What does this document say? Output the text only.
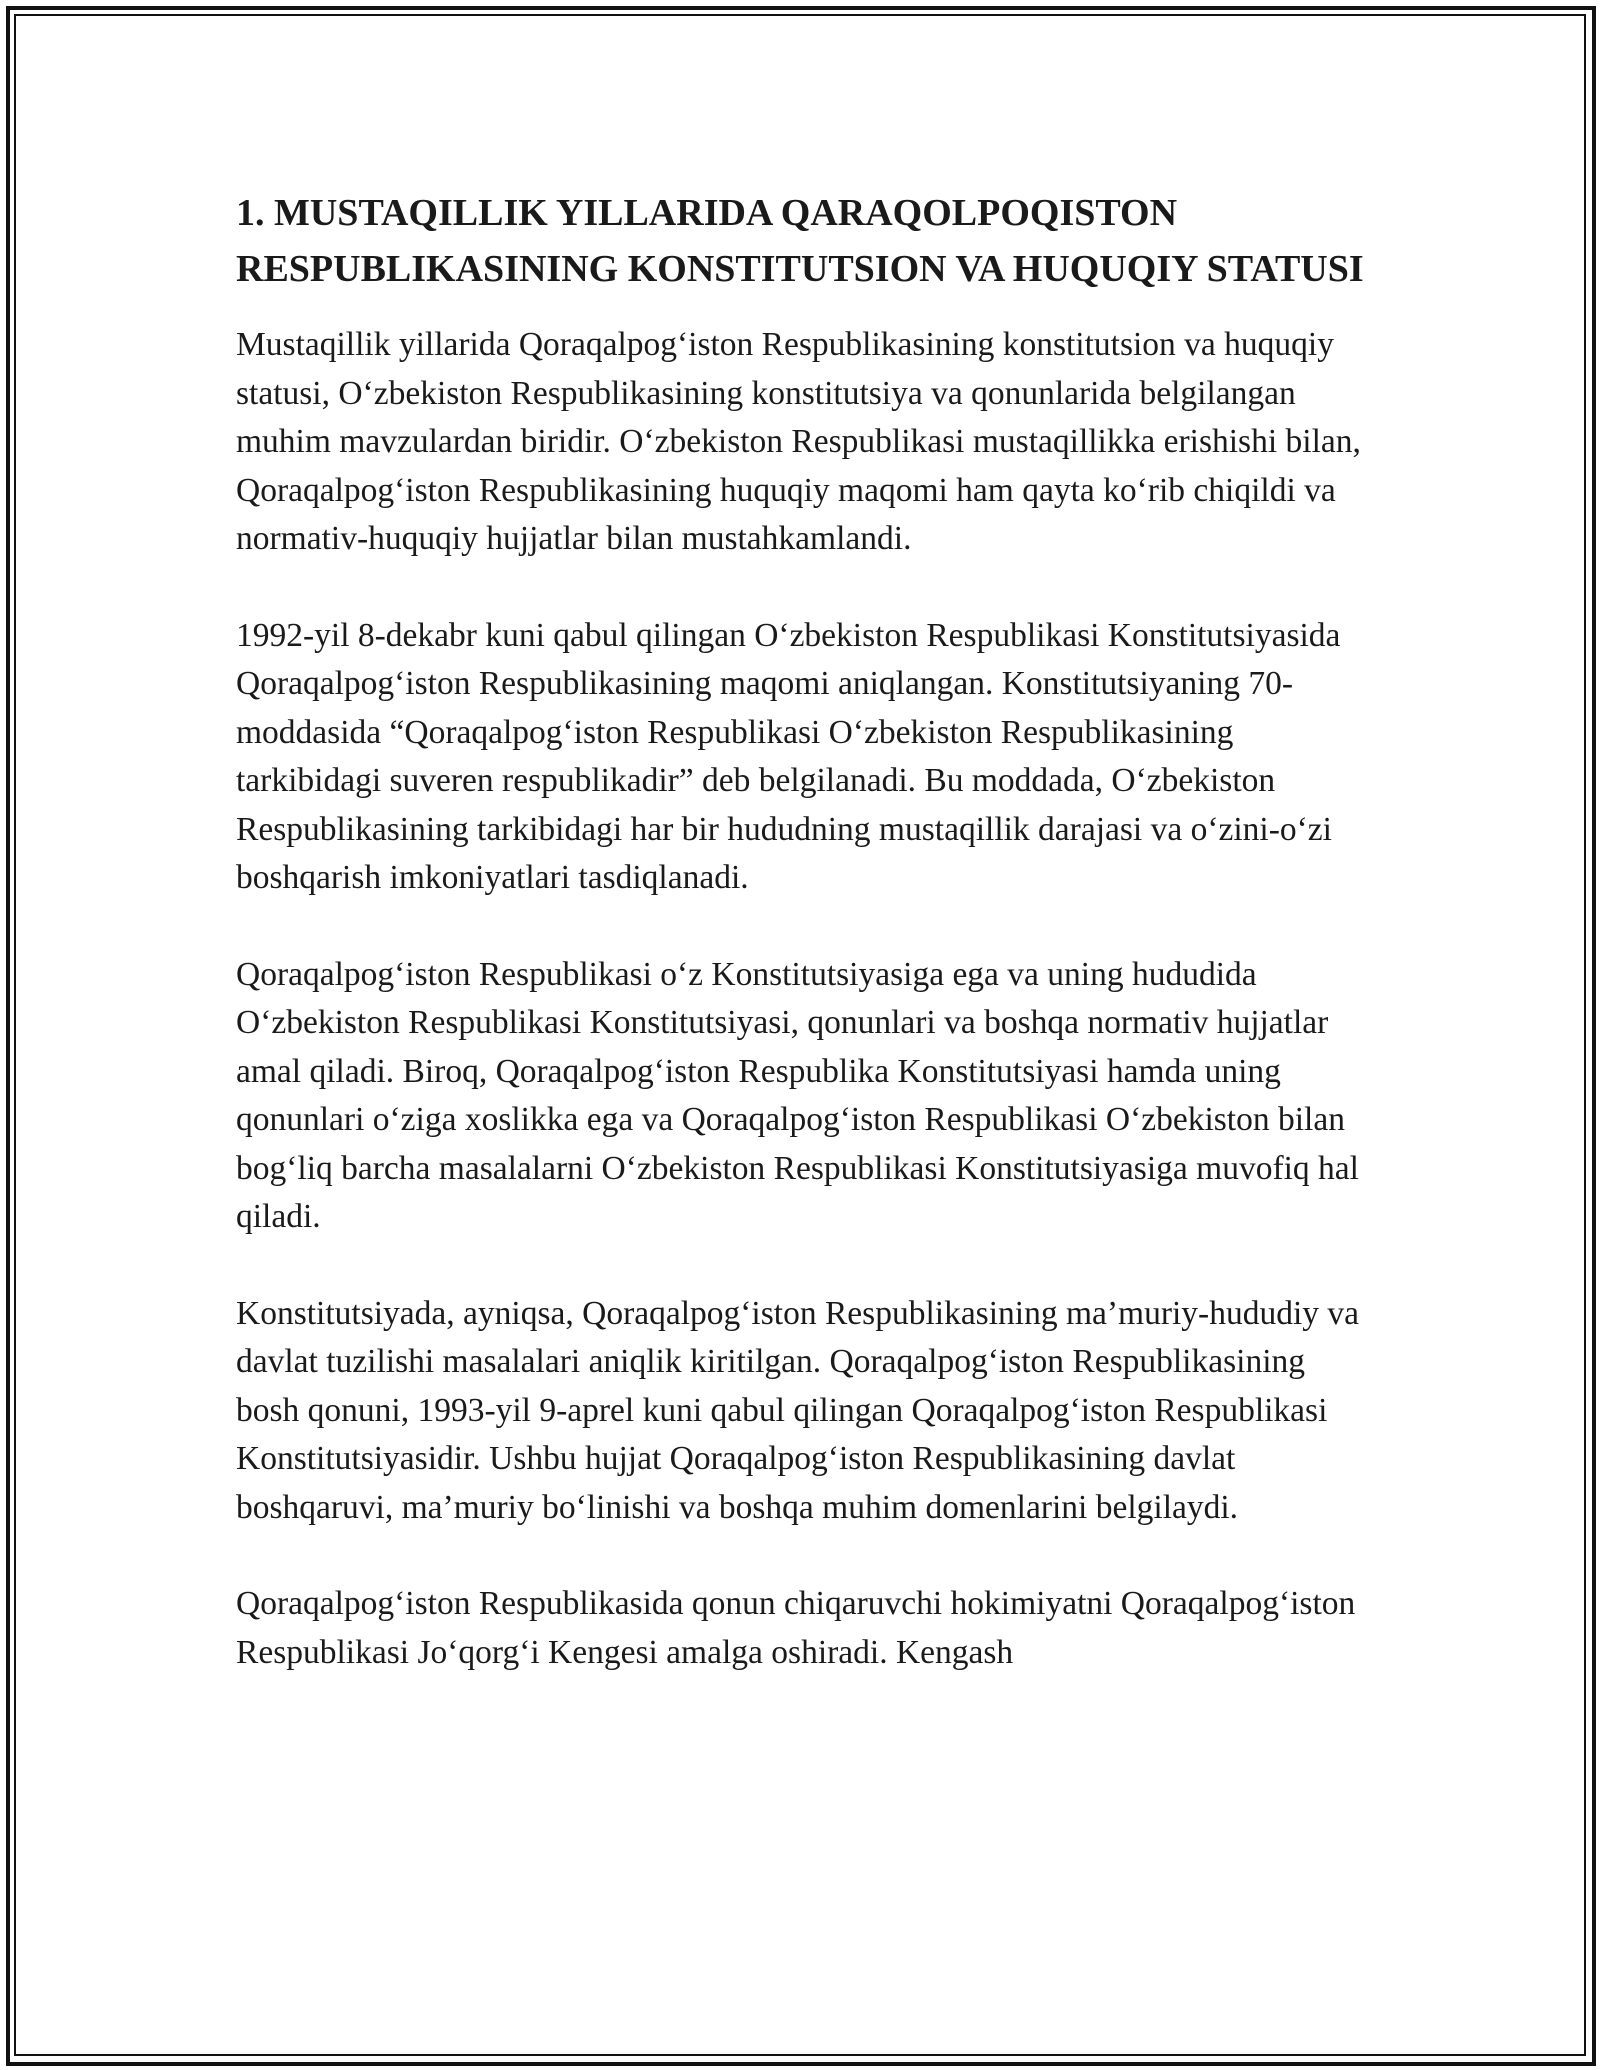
1. MUSTAQILLIK YILLARIDA QARAQOLPOQISTON RESPUBLIKASINING KONSTITUTSION VA HUQUQIY STATUSI

Mustaqillik yillarida Qoraqalpog‘iston Respublikasining konstitutsion va huquqiy statusi, O‘zbekiston Respublikasining konstitutsiya va qonunlarida belgilangan muhim mavzulardan biridir. O‘zbekiston Respublikasi mustaqillikka erishishi bilan, Qoraqalpog‘iston Respublikasining huquqiy maqomi ham qayta ko‘rib chiqildi va normativ-huquqiy hujjatlar bilan mustahkamlandi.

1992-yil 8-dekabr kuni qabul qilingan O‘zbekiston Respublikasi Konstitutsiyasida Qoraqalpog‘iston Respublikasining maqomi aniqlangan. Konstitutsiyaning 70-moddasida “Qoraqalpog‘iston Respublikasi O‘zbekiston Respublikasining tarkibidagi suveren respublikadir” deb belgilanadi. Bu moddada, O‘zbekiston Respublikasining tarkibidagi har bir hududning mustaqillik darajasi va o‘zini-o‘zi boshqarish imkoniyatlari tasdiqlanadi.

Qoraqalpog‘iston Respublikasi o‘z Konstitutsiyasiga ega va uning hududida O‘zbekiston Respublikasi Konstitutsiyasi, qonunlari va boshqa normativ hujjatlar amal qiladi. Biroq, Qoraqalpog‘iston Respublika Konstitutsiyasi hamda uning qonunlari o‘ziga xoslikka ega va Qoraqalpog‘iston Respublikasi O‘zbekiston bilan bog‘liq barcha masalalarni O‘zbekiston Respublikasi Konstitutsiyasiga muvofiq hal qiladi.

Konstitutsiyada, ayniqsa, Qoraqalpog‘iston Respublikasining ma’muriy-hududiy va davlat tuzilishi masalalari aniqlik kiritilgan. Qoraqalpog‘iston Respublikasining bosh qonuni, 1993-yil 9-aprel kuni qabul qilingan Qoraqalpog‘iston Respublikasi Konstitutsiyasidir. Ushbu hujjat Qoraqalpog‘iston Respublikasining davlat boshqaruvi, ma’muriy bo‘linishi va boshqa muhim domenlarini belgilaydi.

Qoraqalpog‘iston Respublikasida qonun chiqaruvchi hokimiyatni Qoraqalpog‘iston Respublikasi Jo‘qorg‘i Kengesi amalga oshiradi. Kengash
